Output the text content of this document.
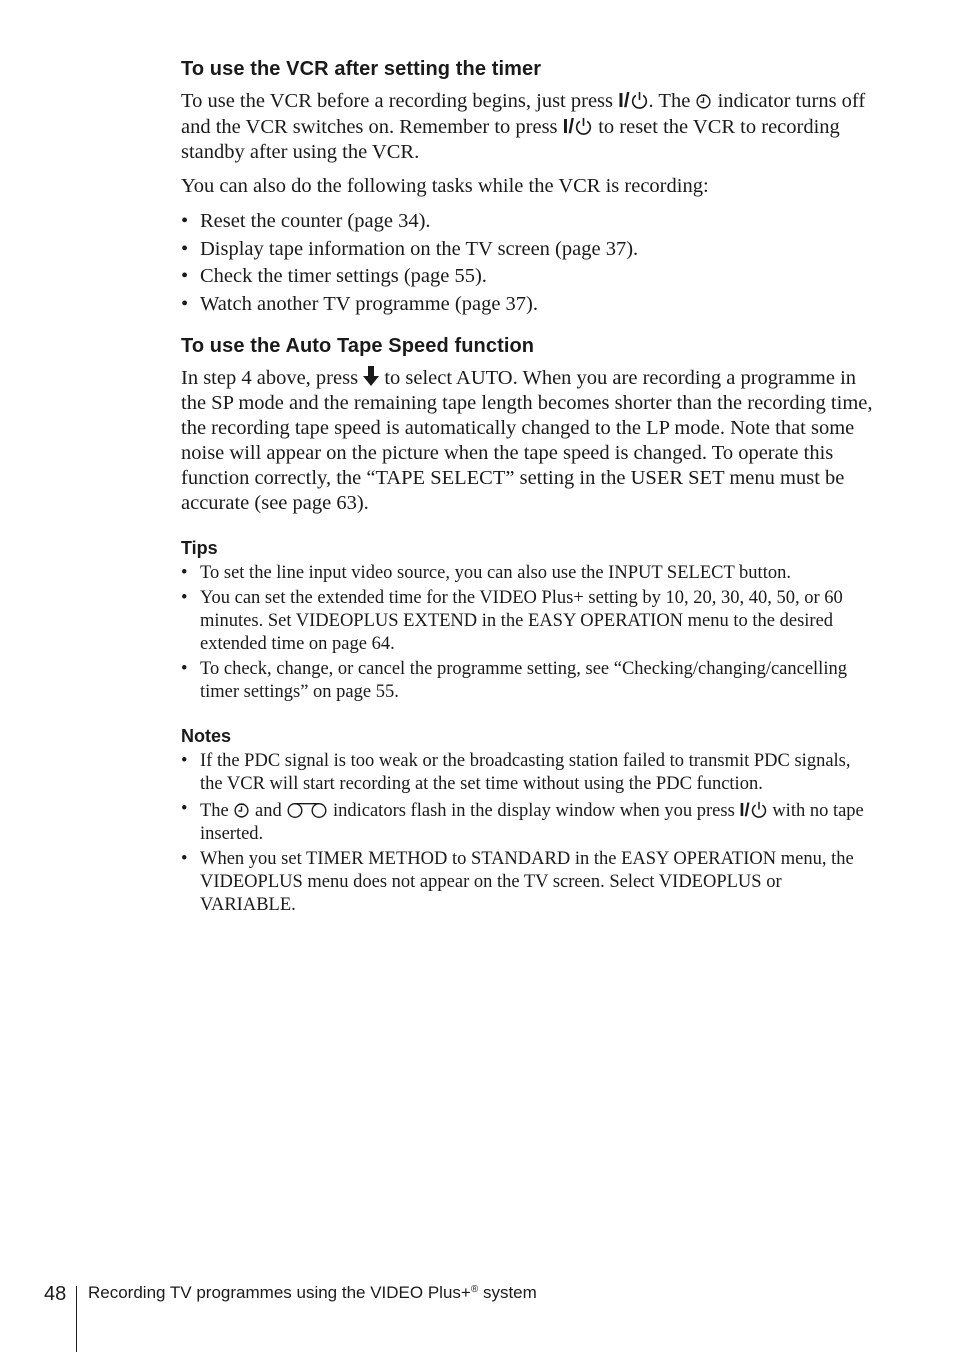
To use the VCR after setting the timer

To use the VCR before a recording begins, just press I/ . The  indicator turns off and the VCR switches on. Remember to press I/ to reset the VCR to recording standby after using the VCR.

You can also do the following tasks while the VCR is recording:

• Reset the counter (page 34).
• Display tape information on the TV screen (page 37).
• Check the timer settings (page 55).
• Watch another TV programme (page 37).
To use the Auto Tape Speed function

In step 4 above, press  to select AUTO. When you are recording a programme in the SP mode and the remaining tape length becomes shorter than the recording time, the recording tape speed is automatically changed to the LP mode. Note that some noise will appear on the picture when the tape speed is changed. To operate this function correctly, the “TAPE SELECT” setting in the USER SET menu must be accurate (see page 63).

Tips
• To set the line input video source, you can also use the INPUT SELECT button.
• You can set the extended time for the VIDEO Plus+ setting by 10, 20, 30, 40, 50, or 60 minutes. Set VIDEOPLUS EXTEND in the EASY OPERATION menu to the desired extended time on page 64.
• To check, change, or cancel the programme setting, see “Checking/changing/cancelling timer settings” on page 55.
Notes
• If the PDC signal is too weak or the broadcasting station failed to transmit PDC signals, the VCR will start recording at the set time without using the PDC function.
• The  and  indicators flash in the display window when you press I/ with no tape inserted.
• When you set TIMER METHOD to STANDARD in the EASY OPERATION menu, the VIDEOPLUS menu does not appear on the TV screen. Select VIDEOPLUS or VARIABLE.
48 Recording TV programmes using the VIDEO Plus+® system
